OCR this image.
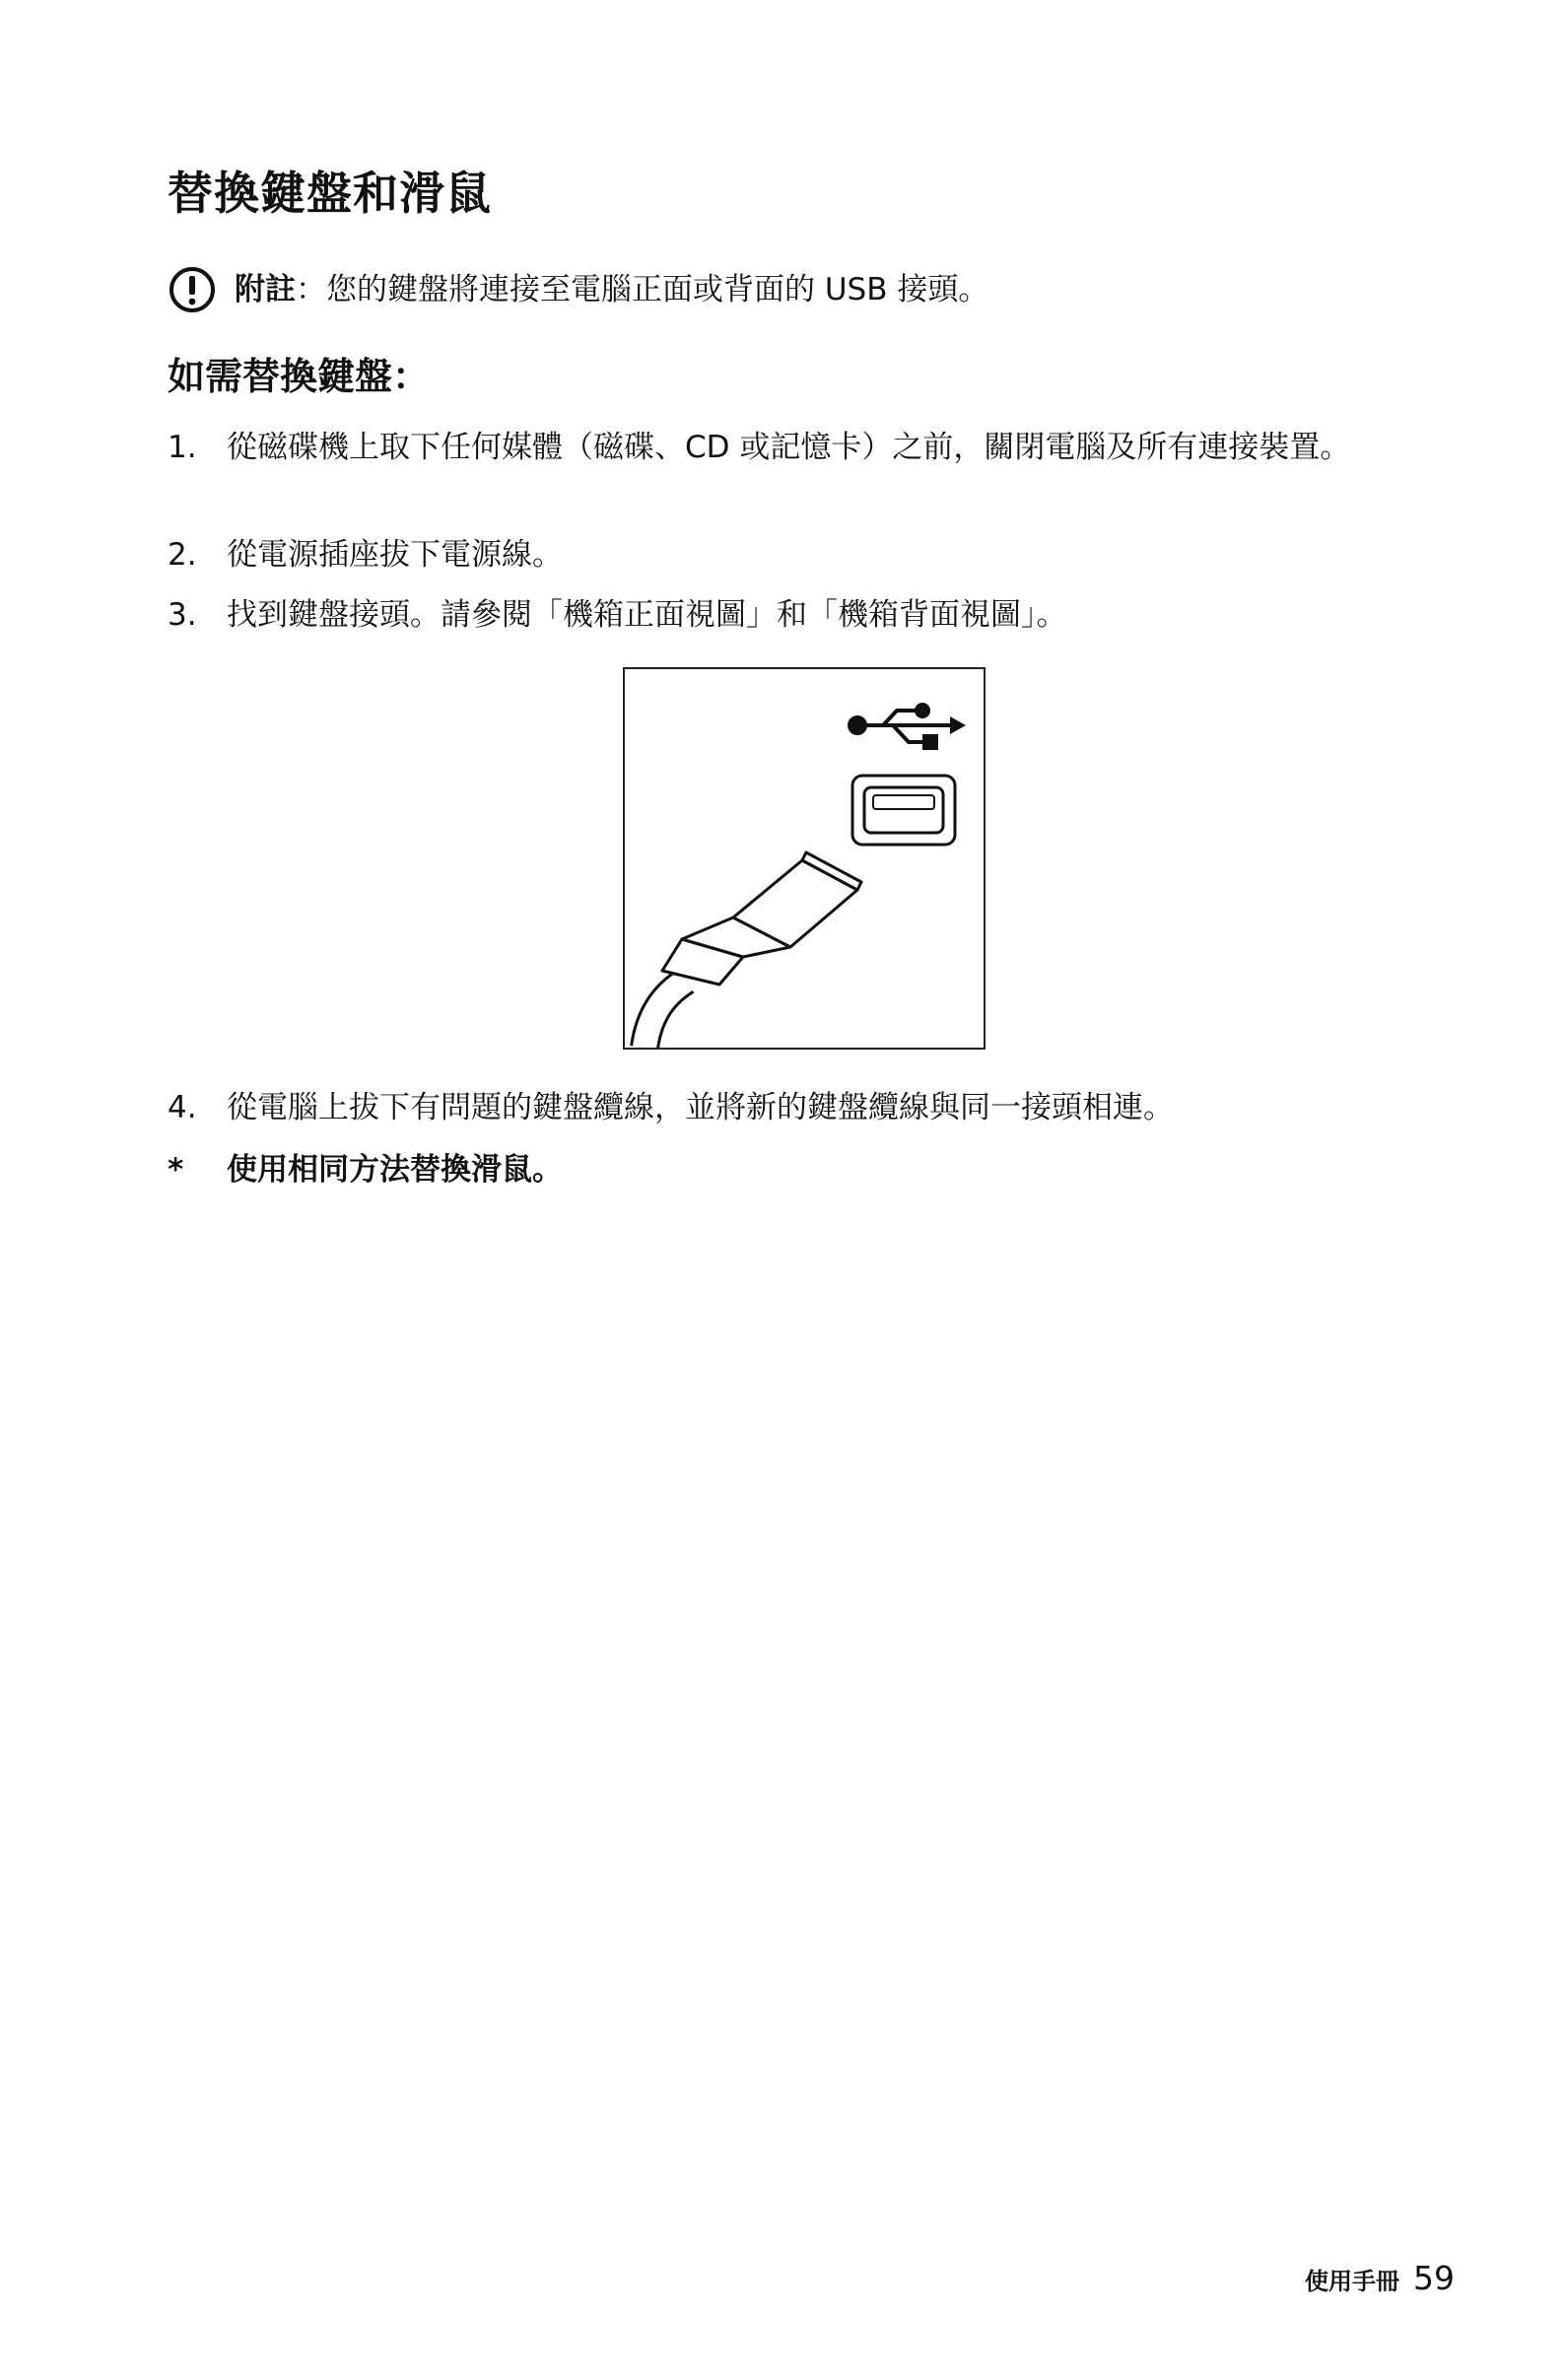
替換鍵盤和滑鼠
附註 ：您的鍵盤將連接至電腦正面或背面的 USB 接頭。
如需替換鍵盤：
1. 從磁碟機上取下任何媒體（磁碟、CD 或記憶卡）之前，關閉電腦及所有連接裝置。
2. 從電源插座拔下電源線。
3. 找到鍵盤接頭。請參閱「機箱正面視圖」和「機箱背面視圖」。
4. 從電腦上拔下有問題的鍵盤纜線，並將新的鍵盤纜線與同一接頭相連。
*	使用相同方法替換滑鼠。
使用手冊 59
